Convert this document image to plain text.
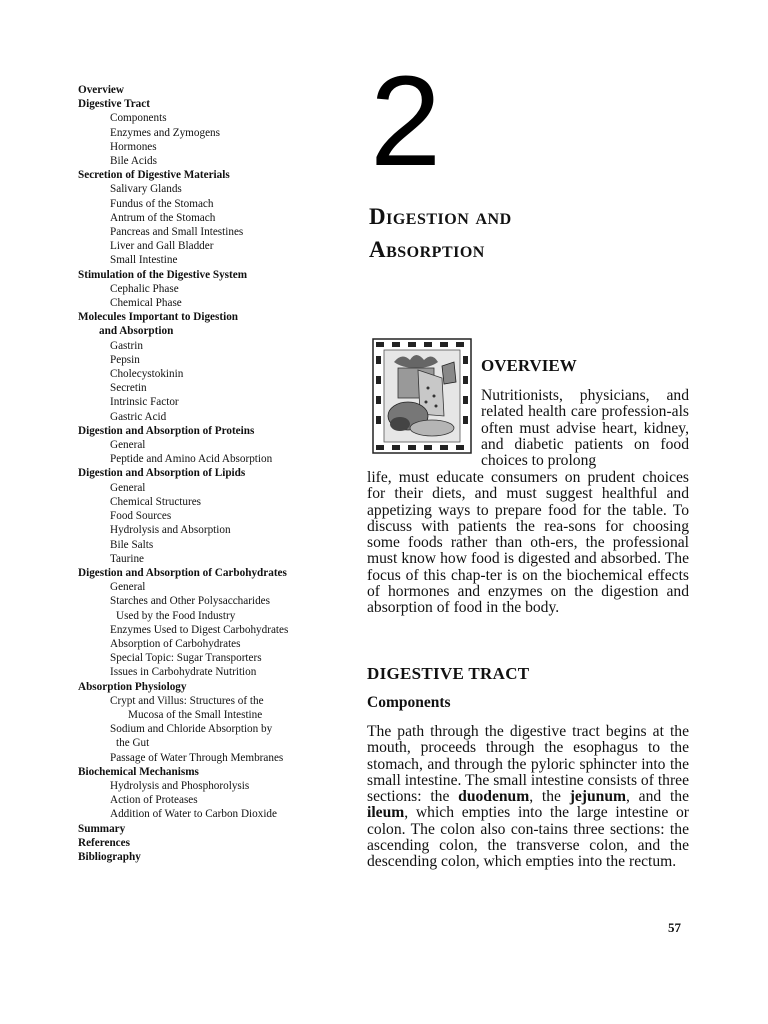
Overview
Digestive Tract
Components
Enzymes and Zymogens
Hormones
Bile Acids
Secretion of Digestive Materials
Salivary Glands
Fundus of the Stomach
Antrum of the Stomach
Pancreas and Small Intestines
Liver and Gall Bladder
Small Intestine
Stimulation of the Digestive System
Cephalic Phase
Chemical Phase
Molecules Important to Digestion
and Absorption
Gastrin
Pepsin
Cholecystokinin
Secretin
Intrinsic Factor
Gastric Acid
Digestion and Absorption of Proteins
General
Peptide and Amino Acid Absorption
Digestion and Absorption of Lipids
General
Chemical Structures
Food Sources
Hydrolysis and Absorption
Bile Salts
Taurine
Digestion and Absorption of Carbohydrates
General
Starches and Other Polysaccharides
Used by the Food Industry
Enzymes Used to Digest Carbohydrates
Absorption of Carbohydrates
Special Topic: Sugar Transporters
Issues in Carbohydrate Nutrition
Absorption Physiology
Crypt and Villus: Structures of the
Mucosa of the Small Intestine
Sodium and Chloride Absorption by
the Gut
Passage of Water Through Membranes
Biochemical Mechanisms
Hydrolysis and Phosphorolysis
Action of Proteases
Addition of Water to Carbon Dioxide
Summary
References
Bibliography
2
Digestion and
Absorption
OVERVIEW
Nutritionists, physicians, and related health care profession-als often must advise heart, kidney, and diabetic patients on food choices to prolong
life, must educate consumers on prudent choices for their diets, and must suggest healthful and appetizing ways to prepare food for the table. To discuss with patients the rea-sons for choosing some foods rather than oth-ers, the professional must know how food is digested and absorbed. The focus of this chap-ter is on the biochemical effects of hormones and enzymes on the digestion and absorption of food in the body.
DIGESTIVE TRACT
Components
The path through the digestive tract begins at the mouth, proceeds through the esophagus to the stomach, and through the pyloric sphincter into the small intestine. The small intestine consists of three sections: the duodenum, the jejunum, and the ileum, which empties into the large intestine or colon. The colon also con-tains three sections: the ascending colon, the transverse colon, and the descending colon, which empties into the rectum.
57
